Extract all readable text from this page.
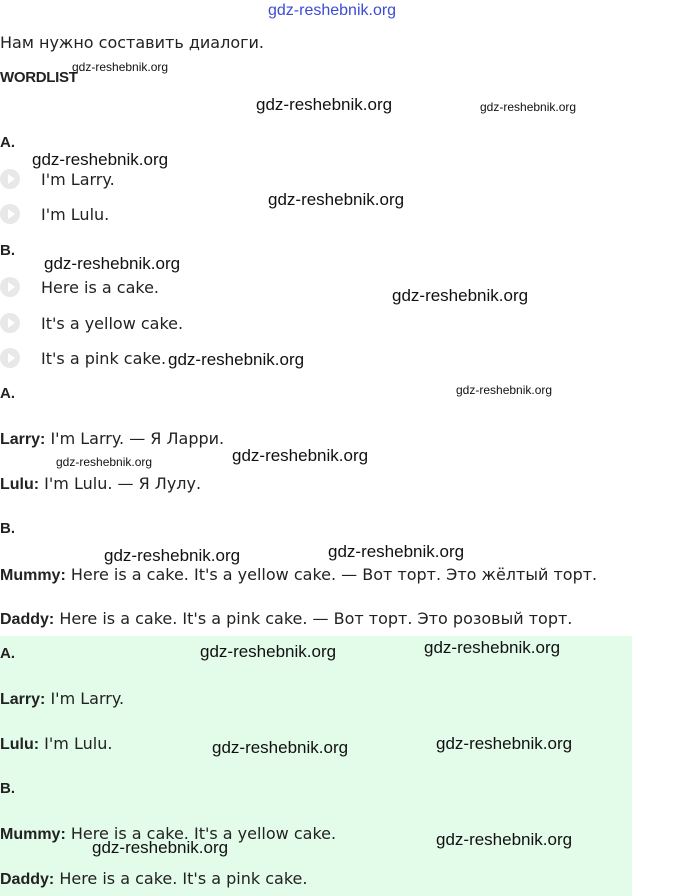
gdz-reshebnik.org
Нам нужно составить диалоги.
WORDLIST
A.
I'm Larry.
I'm Lulu.
B.
Here is a cake.
It's a yellow cake.
It's a pink cake.
A.
Larry: I'm Larry. — Я Ларри.
Lulu: I'm Lulu. — Я Лулу.
B.
Mummy: Here is a cake. It's a yellow cake. — Вот торт. Это жёлтый торт.
Daddy: Here is a cake. It's a pink cake. — Вот торт. Это розовый торт.
A.
Larry: I'm Larry.
Lulu: I'm Lulu.
B.
Mummy: Here is a cake. It's a yellow cake.
Daddy: Here is a cake. It's a pink cake.
gdz-reshebnik.org
gdz-reshebnik.org	gdz-reshebnik.org
gdz-reshebnik.org
gdz-reshebnik.org
gdz-reshebnik.org
gdz-reshebnik.org
gdz-reshebnik.org
gdz-reshebnik.org
gdz-reshebnik.org
gdz-reshebnik.org
gdz-reshebnik.org	gdz-reshebnik.org
gdz-reshebnik.org	gdz-reshebnik.org
gdz-reshebnik.org	gdz-reshebnik.org
gdz-reshebnik.org	gdz-reshebnik.org
